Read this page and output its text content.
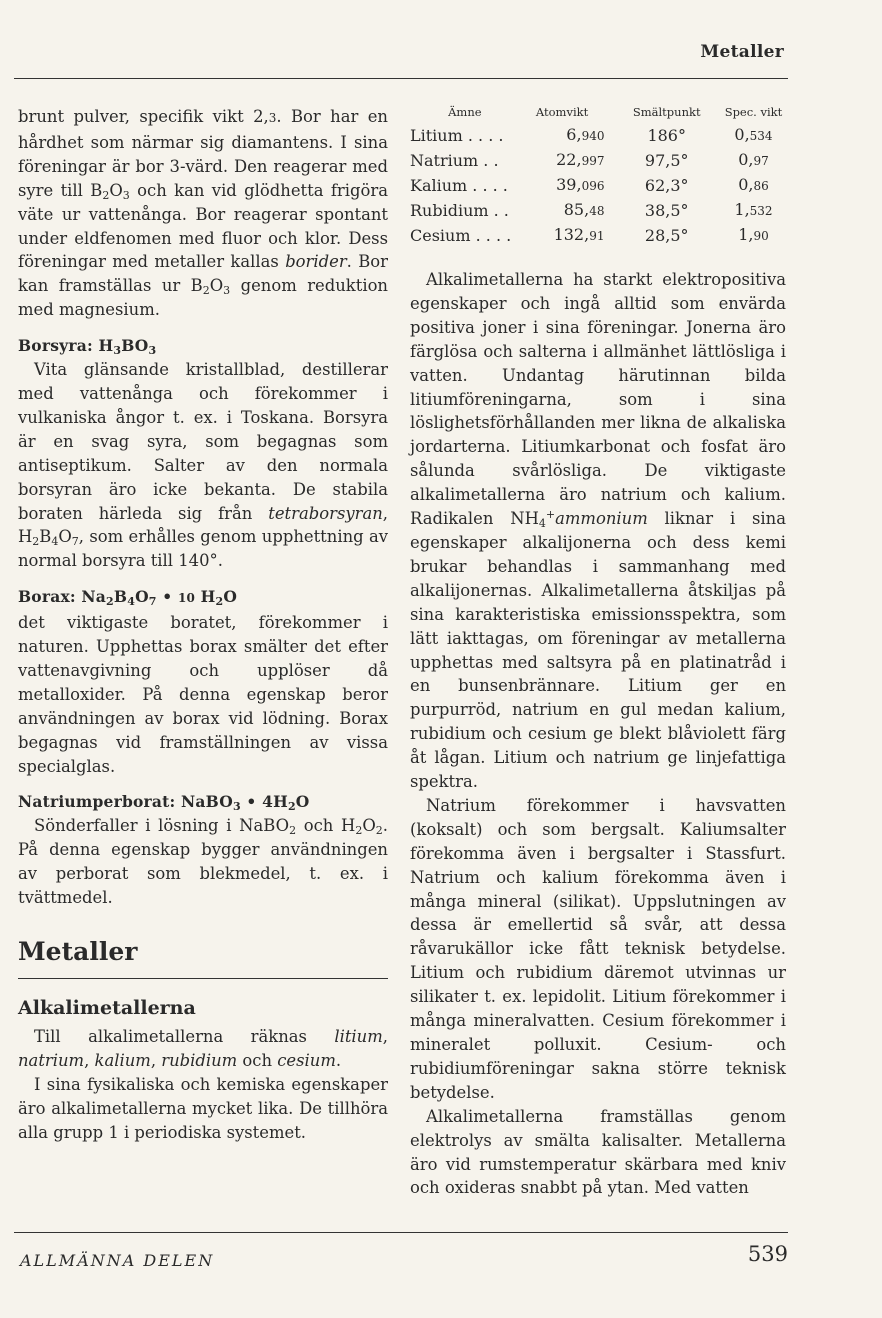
Metaller

brunt pulver, specifik vikt 2,3. Bor har en hårdhet som närmar sig diamantens. I sina föreningar är bor 3-värd. Den reagerar med syre till $B_2O_3$ och kan vid glödhetta frigöra väte ur vattenånga. Bor reagerar spontant under eldfenomen med fluor och klor. Dess föreningar med metaller kallas borider. Bor kan framställas ur $B_2O_3$ genom reduktion med magnesium.

Borsyra: $H_3BO_3$

Vita glänsande kristallblad, destillerar med vattenånga och förekommer i vulkaniska ångor t. ex. i Toskana. Borsyra är en svag syra, som begagnas som antiseptikum. Salter av den normala borsyran äro icke bekanta. De stabila boraten härleda sig från tetraborsyran, $H_2B_4O_7$, som erhålles genom upphettning av normal borsyra till 140°.

Borax: $Na_2B_4O_7$ • 10 $H_2O$

det viktigaste boratet, förekommer i naturen. Upphettas borax smälter det efter vattenavgivning och upplöser då metalloxider. På denna egenskap beror användningen av borax vid lödning. Borax begagnas vid framställningen av vissa specialglas.

Natriumperborat: NaBO$_3$ • $4H_2O$

Sönderfaller i lösning i NaBO$_2$ och $H_2O_2$. På denna egenskap bygger användningen av perborat som blekmedel, t. ex. i tvättmedel.

Metaller
Alkalimetallerna

Till alkalimetallerna räknas litium, natrium, kalium, rubidium och cesium.

I sina fysikaliska och kemiska egenskaper äro alkalimetallerna mycket lika. De tillhöra alla grupp 1 i periodiska systemet.

Ämne	Atomvikt	Smältpunkt	Spec. vikt
Litium . . . .	6,940	186°	0,534
Natrium . .	22,997	97,5°	0,97
Kalium . . . .	39,096	62,3°	0,86
Rubidium . .	85,48	38,5°	1,532
Cesium . . . .	132,91	28,5°	1,90

Alkalimetallerna ha starkt elektropositiva egenskaper och ingå alltid som envärda positiva joner i sina föreningar. Jonerna äro färglösa och salterna i allmänhet lättlösliga i vatten. Undantag härutinnan bilda litiumföreningarna, som i sina löslighetsförhållanden mer likna de alkaliska jordarterna. Litiumkarbonat och fosfat äro sålunda svårlösliga. De viktigaste alkalimetallerna äro natrium och kalium. Radikalen $NH_4^+ammonium$ liknar i sina egenskaper alkalijonerna och dess kemi brukar behandlas i sammanhang med alkalijonernas. Alkalimetallerna åtskiljas på sina karakteristiska emissionsspektra, som lätt iakttagas, om föreningar av metallerna upphettas med saltsyra på en platinatråd i en bunsenbrännare. Litium ger en purpurröd, natrium en gul medan kalium, rubidium och cesium ge blekt blåviolett färg åt lågan. Litium och natrium ge linjefattiga spektra.

Natrium förekommer i havsvatten (koksalt) och som bergsalt. Kaliumsalter förekomma även i bergsalter i Stassfurt. Natrium och kalium förekomma även i många mineral (silikat). Uppslutningen av dessa är emellertid så svår, att dessa råvarukällor icke fått teknisk betydelse. Litium och rubidium däremot utvinnas ur silikater t. ex. lepidolit. Litium förekommer i många mineralvatten. Cesium förekommer i mineralet polluxit. Cesium- och rubidiumföreningar sakna större teknisk betydelse.

Alkalimetallerna framställas genom elektrolys av smälta kalisalter. Metallerna äro vid rumstemperatur skärbara med kniv och oxideras snabbt på ytan. Med vatten

ALLMÄNNA DELEN	539
